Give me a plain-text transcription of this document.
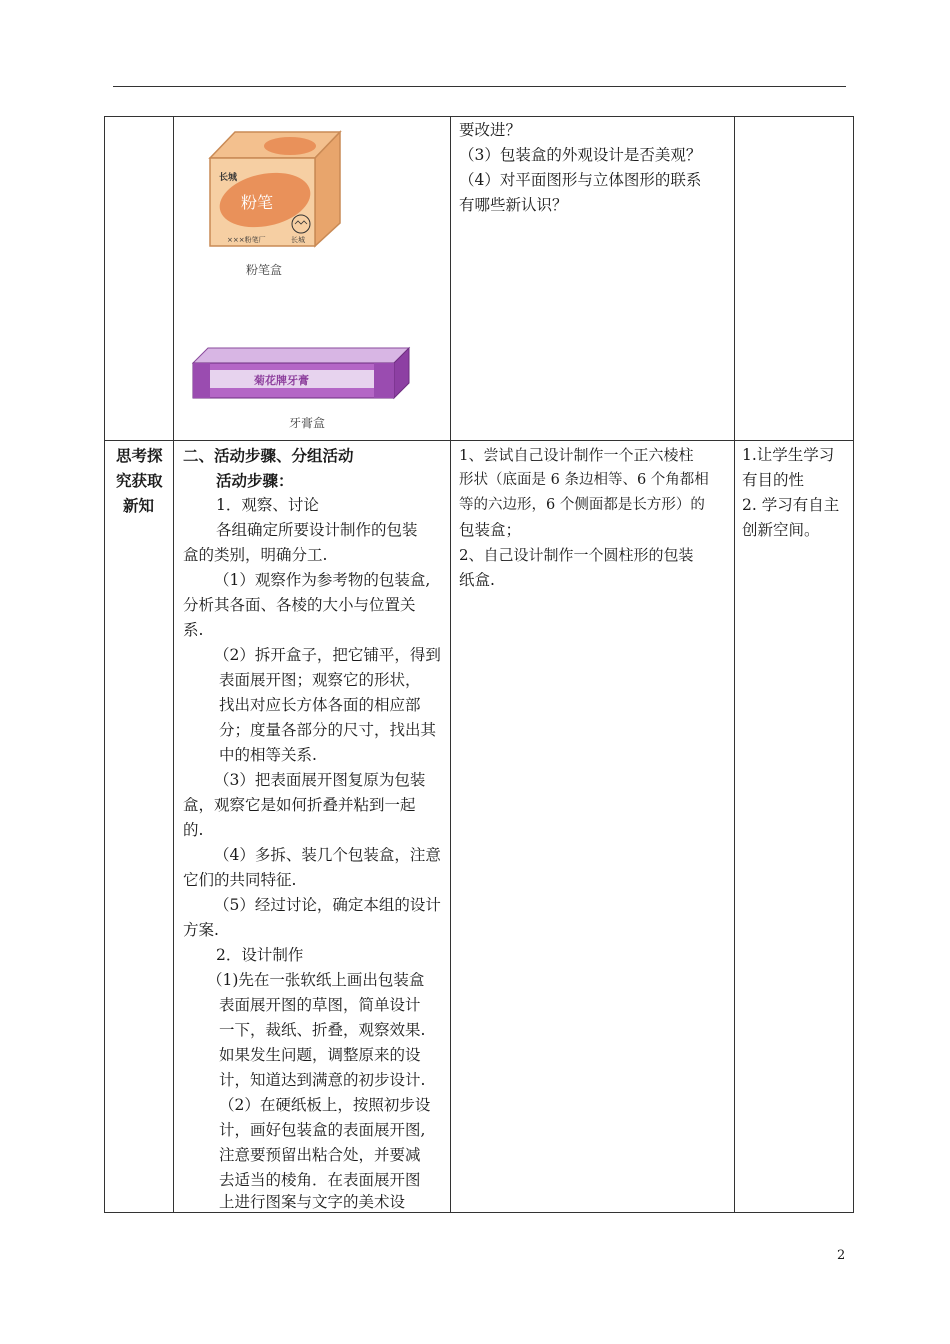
长城
粉笔
×××粉笔厂	长城
粉笔盒
菊花牌牙膏
牙膏盒
要改进？
（3）包装盒的外观设计是否美观？
（4）对平面图形与立体图形的联系
有哪些新认识？
思考探
究获取
新知
二、活动步骤、分组活动
活动步骤：
1．观察、讨论
各组确定所要设计制作的包装
盒的类别，明确分工.
（1）观察作为参考物的包装盒,
分析其各面、各棱的大小与位置关
系.
（2）拆开盒子，把它铺平，得到
表面展开图；观察它的形状，
找出对应长方体各面的相应部
分；度量各部分的尺寸，找出其
中的相等关系.
（3）把表面展开图复原为包装
盒，观察它是如何折叠并粘到一起
的.
（4）多拆、装几个包装盒，注意
它们的共同特征.
（5）经过讨论，确定本组的设计
方案.
2．设计制作
（1)先在一张软纸上画出包装盒
表面展开图的草图，简单设计
一下，裁纸、折叠，观察效果.
如果发生问题，调整原来的设
计，知道达到满意的初步设计.
（2）在硬纸板上，按照初步设
计，画好包装盒的表面展开图,
注意要预留出粘合处，并要减
去适当的棱角．在表面展开图
上进行图案与文字的美术设
1、尝试自己设计制作一个正六棱柱
形状（底面是 6 条边相等、6 个角都相
等的六边形，6 个侧面都是长方形）的
包装盒；
2、自己设计制作一个圆柱形的包装
纸盒.
1.让学生学习
有目的性
2. 学习有自主
创新空间。
2
